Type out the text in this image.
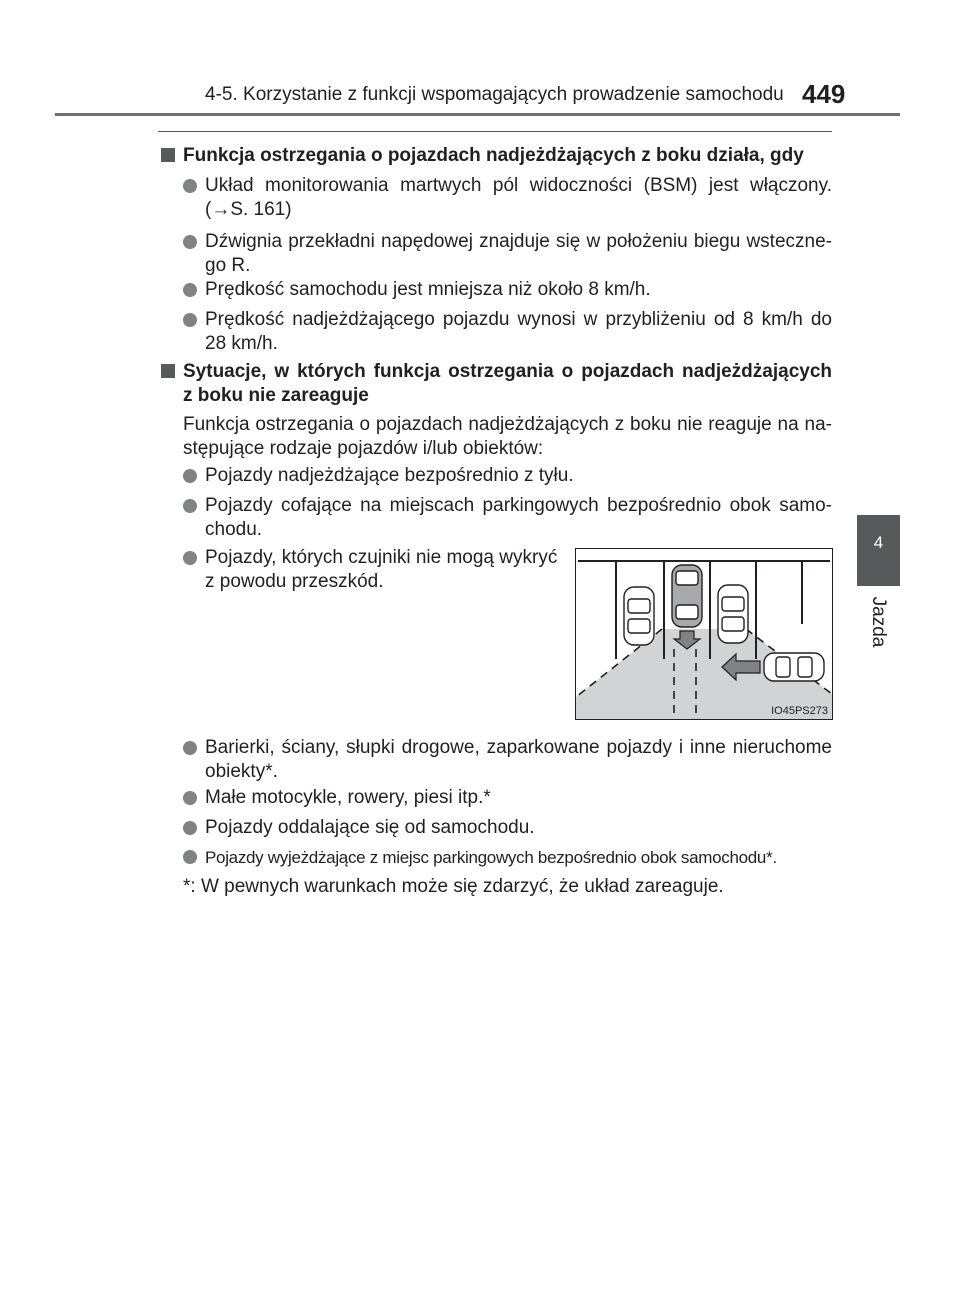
4-5. Korzystanie z funkcji wspomagających prowadzenie samochodu 449
4
Jazda
Funkcja ostrzegania o pojazdach nadjeżdżających z boku działa, gdy
Układ monitorowania martwych pól widoczności (BSM) jest włączony.
(→S. 161)
Dźwignia przekładni napędowej znajduje się w położeniu biegu wsteczne-
go R.
Prędkość samochodu jest mniejsza niż około 8 km/h.
Prędkość nadjeżdżającego pojazdu wynosi w przybliżeniu od 8 km/h do
28 km/h.
Sytuacje, w których funkcja ostrzegania o pojazdach nadjeżdżających
z boku nie zareaguje
Funkcja ostrzegania o pojazdach nadjeżdżających z boku nie reaguje na na-
stępujące rodzaje pojazdów i/lub obiektów:
Pojazdy nadjeżdżające bezpośrednio z tyłu.
Pojazdy cofające na miejscach parkingowych bezpośrednio obok samo-
chodu.
Pojazdy, których czujniki nie mogą wykryć
z powodu przeszkód.
IO45PS273
Barierki, ściany, słupki drogowe, zaparkowane pojazdy i inne nieruchome
obiekty*.
Małe motocykle, rowery, piesi itp.*
Pojazdy oddalające się od samochodu.
Pojazdy wyjeżdżające z miejsc parkingowych bezpośrednio obok samochodu*.
*: W pewnych warunkach może się zdarzyć, że układ zareaguje.
